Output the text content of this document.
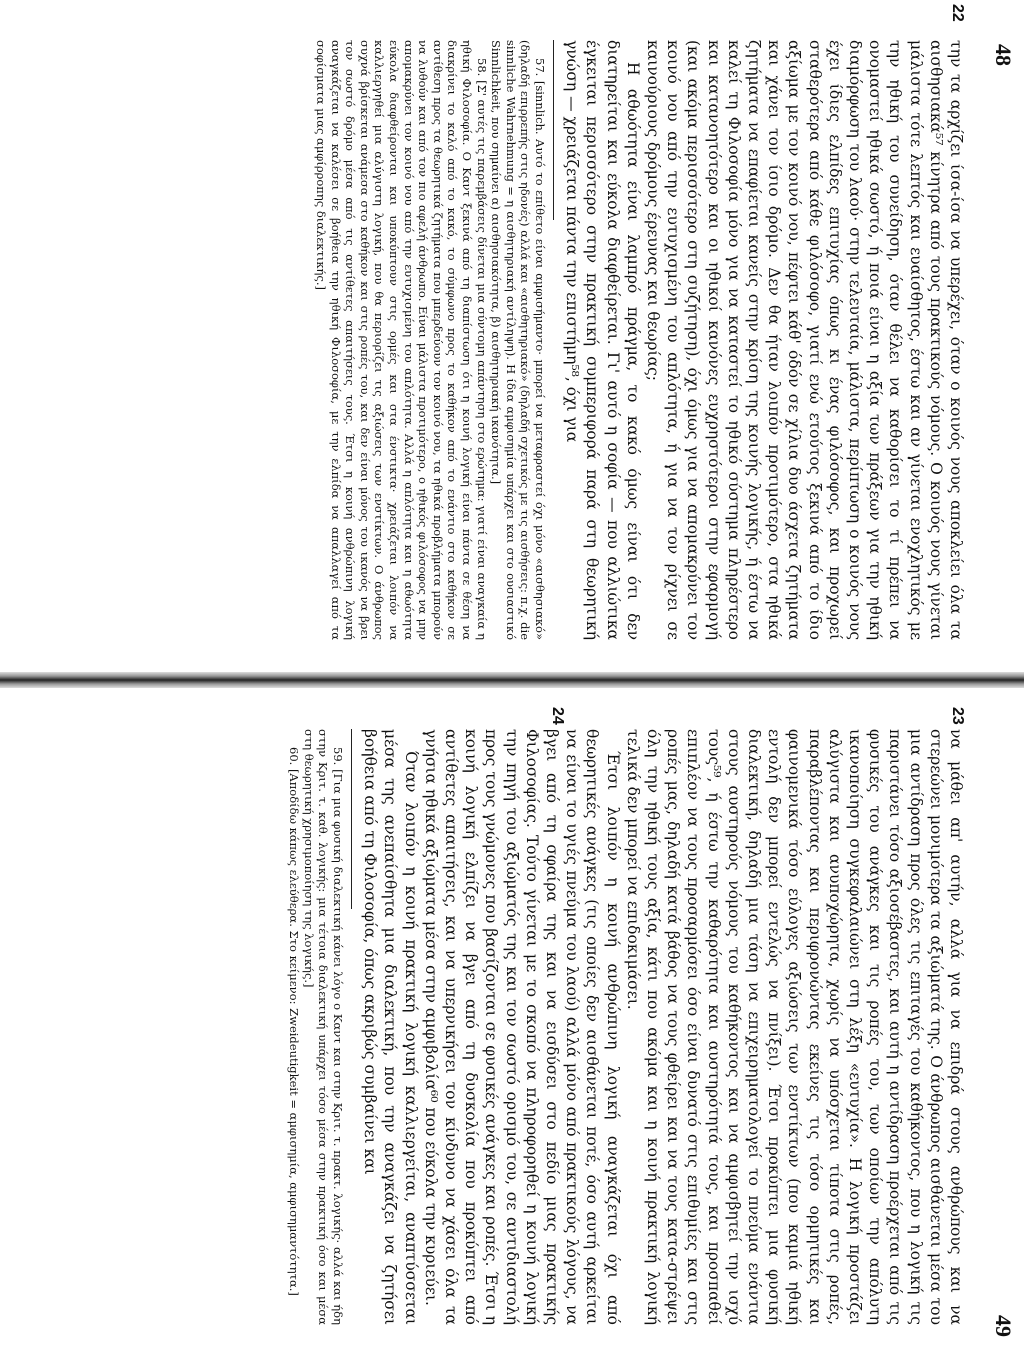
48
22

την τα αρχίζει ίσα-ίσα να υπερέχει, όταν ο κοινός νους αποκλείει όλα τα αισθησιακά⁵⁷ κίνητρα από τους πρακτικούς νόμους. Ο κοινός νους γίνεται μάλιστα τότε λεπτός και ευαίσθητος, έστω και αν γίνεται ενοχλητικός με την ηθική του συνείδηση, όταν θέλει να καθορίσει το τί πρέπει να ονομαστεί ηθικά σωστό, ή ποιά είναι η αξία των πράξεων για την ηθική διαμόρφωση του λαού· στην τελευταία, μάλιστα, περίπτωση ο κοινός νους έχει ίδιες ελπίδες επιτυχίας όπως κι ένας φιλόσοφος, και προχωρεί σταθερότερα από κάθε φιλόσοφο, γιατί ενώ ετούτος ξεκινά από το ίδιο αξίωμα με τον κοινό νου, πέφτει κάθ' όδόν σε χίλια δυο άσχετα ζητήματα και χάνει τον ίσιο δρόμο. Δεν θα ήταν λοιπόν προτιμότερο, στα ηθικά ζητήματα να επαφίεται κανείς στην κρίση της κοινής λογικής, ή έστω να καλεί τη Φιλοσοφία μόνο για να καταστεί το ηθικό σύστημα πληρέστερο και κατανοητότερο και οι ηθικοί κανόνες ευχρηστότεροι στην εφαρμογή (και ακόμα περισσότερο στη συζήτηση), όχι όμως για να απομακρύνει τον κοινό νου από την ευτυχισμένη του απλότητα, ή για να τον ρίχνει σε καινούριους δρόμους έρευνας και θεωρίας;

Η αθωότητα είναι λαμπρό πράγμα, το κακό όμως είναι ότι δεν διατηρείται και εύκολα διαφθείρεται. Γι' αυτό η σοφία — που αλλιώτικα έγκειται περισσότερο στην πρακτική συμπεριφορά παρά στη θεωρητική γνώση — χρειάζεται πάντα την επιστήμη⁵⁸, όχι για

57. [sinnlich. Αυτό το επίθετο είναι αμφισήμαντο· μπορεί να μεταφραστεί όχι μόνο «αισθησιακό» (δηλαδή επιρρεπής στις ηδονές) αλλά και «αισθητηριακό» (δηλαδή σχετικός με τις αισθήσεις: π.χ. die sinnliche Wahrnehmung = η αισθητηριακή αντίληψη). Η ίδια αμφισημία υπάρχει και στο ουσιαστικό Sinnlichkeit, που σημαίνει α) αισθησιακότητα, β) αισθητηριακή ικανότητα.]

58. [Σ' αυτές τις παρεμβάσεις δίνεται μια σύντομη απάντηση στο ερώτημα: γιατί είναι αναγκαία η ηθική Φιλοσοφία. Ο Καντ ξεκινά από τη διαπίστωση ότι η κοινή λογική είναι πάντα σε θέση να διακρίνει το καλό από το κακό, το σύμφωνο προς το καθήκον από το ενάντιο στο καθήκον σε αντίθεση προς τα θεωρητικά ζητήματα που μπερδεύουν τον κοινό νου, τα ηθικά προβλήματα μπορούν να λυθούν και από τον πιο αφελή άνθρωπο. Είναι μάλιστα προτιμότερο, ο ηθικός φιλόσοφος να μην απομακρύνει τον κοινό νου από την ευτυχισμένη του απλότητα. Αλλά η απλότητα και η αθωότητα εύκολα διαφθείρονται και υποκύπτουν στις ορμές και στα ένστικτα· χρειάζεται λοιπόν να καλλιεργηθεί μια αλύγιστη λογική, που θα περιορίζει τις αξιώσεις των ενστίκτων. Ο άνθρωπος συχνά βρίσκεται ανάμεσα στο καθήκον και στις ροπές του, και δεν είναι μόνος του ικανός να βρει τον σωστό δρόμο μέσα από τις αντίθετες απαιτήσεις τους. Έτσι η κοινή ανθρώπινη λογική αναγκάζεται να καλέσει σε βοήθεια την ηθική Φιλοσοφία, με την ελπίδα να απαλλαγεί από τα σοφίσματα μιας αμφίρροπης διαλεκτικής.]

49
23
24

να μάθει απ' αυτήν, αλλά για να επιδρά στους ανθρώπους και να στερεώνει μονιμότερα τα αξιώματά της. Ο άνθρωπος αισθάνεται μέσα του μια αντίδραση προς όλες τις επιταγές του καθήκοντος, που η λογική τις παριστάνει τόσο αξιοσέβαστες, και αυτή η αντίδραση προέρχεται από τις φυσικές του ανάγκες και τις ροπές του, των οποίων την απόλυτη ικανοποίηση συγκεφαλαιώνει στη λέξη «ευτυχία». Η λογική προστάζει αλύγιστα και ανυποχώρητα, χωρίς να υπόσχεται τίποτα στις ροπές, παραβλέποντας και περιφρονώντας εκείνες τις τόσο ορμητικές και φαινομενικά τόσο εύλογες αξιώσεις των ενστίκτων (που καμιά ηθική εντολή δεν μπορεί εντελώς να πνίξει). Έτσι προκύπτει μια φυσική διαλεκτική, δηλαδή μια τάση να επιχειρηματολογεί το πνεύμα ενάντια στους αυστηρούς νόμους του καθήκοντος και να αμφισβητεί την ισχύ τους⁵⁹, ή έστω την καθαρότητα και αυστηρότητά τους, και προσπαθεί επιπλέον να τους προσαρμόσει όσο είναι δυνατό στις επιθυμίες και στις ροπές μας, δηλαδή κατά βάθος να τους φθείρει και να τους κατα-στρέψει όλη την ηθική τους αξία, κάτι που ακόμα και η κοινή πρακτική λογική τελικά δεν μπορεί να επιδοκιμάσει.

Έτσι λοιπόν η κοινή ανθρώπινη λογική αναγκάζεται όχι από θεωρητικές ανάγκες (τις οποίες δεν αισθάνεται ποτέ, όσο αυτή αρκείται να είναι το υγιές πνεύμα του λαού) αλλά μόνο από πρακτικούς λόγους, να βγει από τη σφαίρα της και να εισδύσει στο πεδίο μιας πρακτικής Φιλοσοφίας. Τούτο γίνεται με το σκοπό να πληροφορηθεί η κοινή λογική την πηγή του αξιώματός της και τον σωστό ορισμό του, σε αντιδιαστολή προς τους γνώμονες που βασίζονται σε φυσικές ανάγκες και ροπές. Έτσι η κοινή λογική ελπίζει να βγει από τη δυσκολία που προκύπτει από αντίθετες απαιτήσεις, και να υπερνικήσει τον κίνδυνο να χάσει όλα τα γνήσια ηθικά αξιώματα μέσα στην αμφιβολία⁶⁰ που εύκολα την κυριεύει.

Όταν λοιπόν η κοινή πρακτική λογική καλλιεργείται, αναπτύσσεται μέσα της ανεπαίσθητα μια διαλεκτική, που την αναγκάζει να ζητήσει βοήθεια από τη Φιλοσοφία, όπως ακριβώς συμβαίνει και

59. [Για μια φυσική διαλεκτική κάνει λόγο ο Καντ και στην Κριτ. τ. πρακτ. λογικής· αλλά και ήδη στην Κριτ. τ. καθ. λογικής: μια τέτοια διαλεκτική υπάρχει τόσο μέσα στην πρακτική όσο και μέσα στη θεωρητική χρησιμοποίηση της λογικής.]

60. [Αποδίδω κάπως ελεύθερα. Στο κείμενο: Zweideutigkeit = αμφισημία, αμφισημαντότητα.]
